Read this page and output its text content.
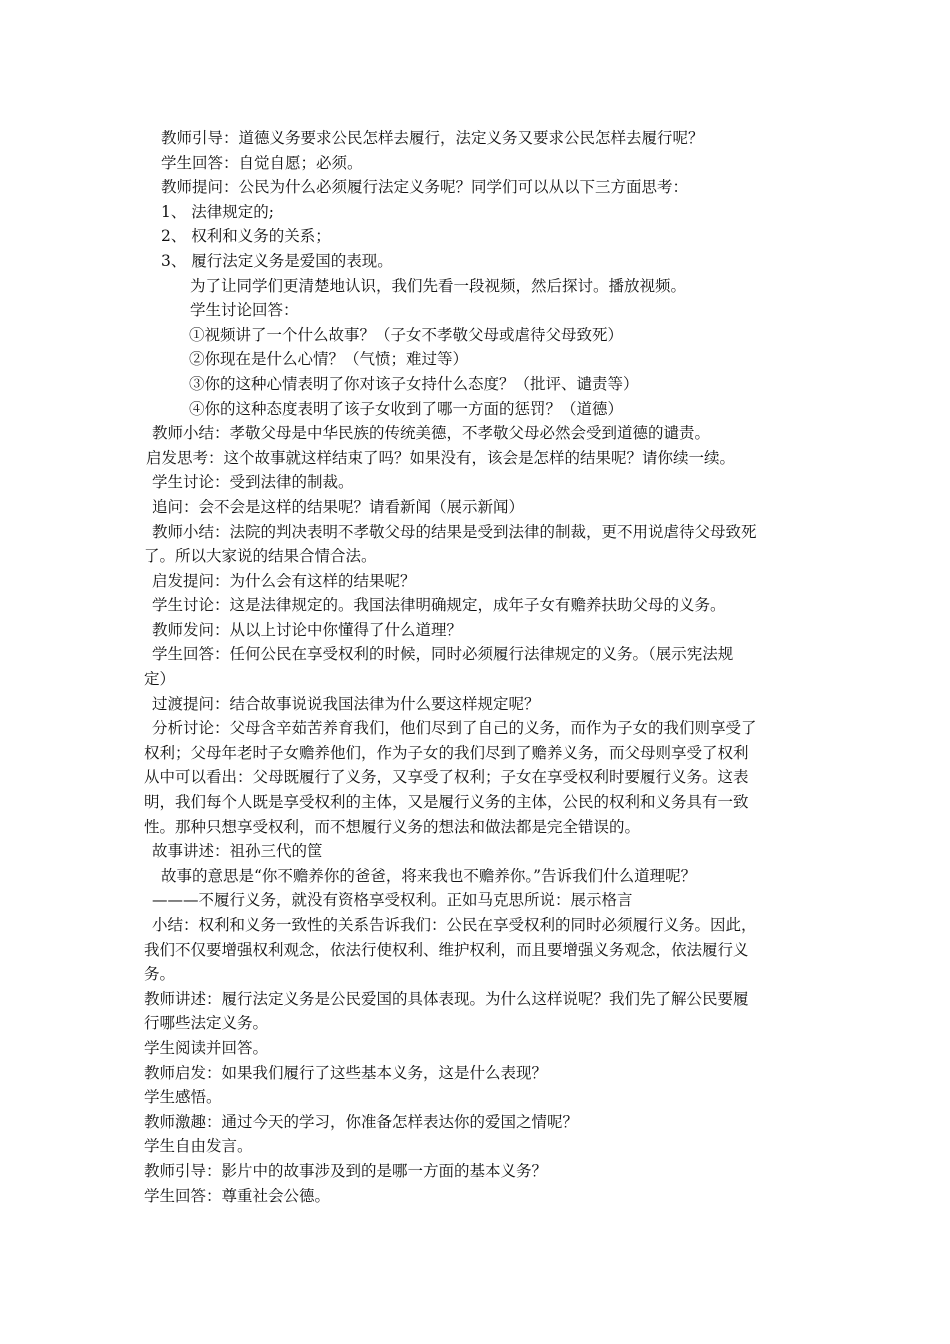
教师引导：道德义务要求公民怎样去履行，法定义务又要求公民怎样去履行呢？
学生回答：自觉自愿；必须。
教师提问：公民为什么必须履行法定义务呢？同学们可以从以下三方面思考：
1、 法律规定的;
2、 权利和义务的关系；
3、 履行法定义务是爱国的表现。
为了让同学们更清楚地认识，我们先看一段视频，然后探讨。播放视频。
学生讨论回答：
①视频讲了一个什么故事？（子女不孝敬父母或虐待父母致死）
②你现在是什么心情？（气愤；难过等）
③你的这种心情表明了你对该子女持什么态度？（批评、谴责等）
④你的这种态度表明了该子女收到了哪一方面的惩罚？（道德）
教师小结：孝敬父母是中华民族的传统美德，不孝敬父母必然会受到道德的谴责。
启发思考：这个故事就这样结束了吗？如果没有，该会是怎样的结果呢？请你续一续。
学生讨论：受到法律的制裁。
追问：会不会是这样的结果呢？请看新闻（展示新闻）
教师小结：法院的判决表明不孝敬父母的结果是受到法律的制裁，更不用说虐待父母致死
了。所以大家说的结果合情合法。
启发提问：为什么会有这样的结果呢？
学生讨论：这是法律规定的。我国法律明确规定，成年子女有赡养扶助父母的义务。
教师发问：从以上讨论中你懂得了什么道理？
学生回答：任何公民在享受权利的时候，同时必须履行法律规定的义务。（展示宪法规
定）
过渡提问：结合故事说说我国法律为什么要这样规定呢？
分析讨论：父母含辛茹苦养育我们，他们尽到了自己的义务，而作为子女的我们则享受了
权利；父母年老时子女赡养他们，作为子女的我们尽到了赡养义务，而父母则享受了权利
从中可以看出：父母既履行了义务，又享受了权利；子女在享受权利时要履行义务。这表
明，我们每个人既是享受权利的主体，又是履行义务的主体，公民的权利和义务具有一致
性。那种只想享受权利，而不想履行义务的想法和做法都是完全错误的。
故事讲述：祖孙三代的筐
故事的意思是“你不赡养你的爸爸，将来我也不赡养你。”告诉我们什么道理呢？
———不履行义务，就没有资格享受权利。正如马克思所说：展示格言
小结：权利和义务一致性的关系告诉我们：公民在享受权利的同时必须履行义务。因此，
我们不仅要增强权利观念，依法行使权利、维护权利，而且要增强义务观念，依法履行义
务。
教师讲述：履行法定义务是公民爱国的具体表现。为什么这样说呢？我们先了解公民要履
行哪些法定义务。
学生阅读并回答。
教师启发：如果我们履行了这些基本义务，这是什么表现？
学生感悟。
教师激趣：通过今天的学习，你准备怎样表达你的爱国之情呢？
学生自由发言。
教师引导：影片中的故事涉及到的是哪一方面的基本义务？
学生回答：尊重社会公德。
